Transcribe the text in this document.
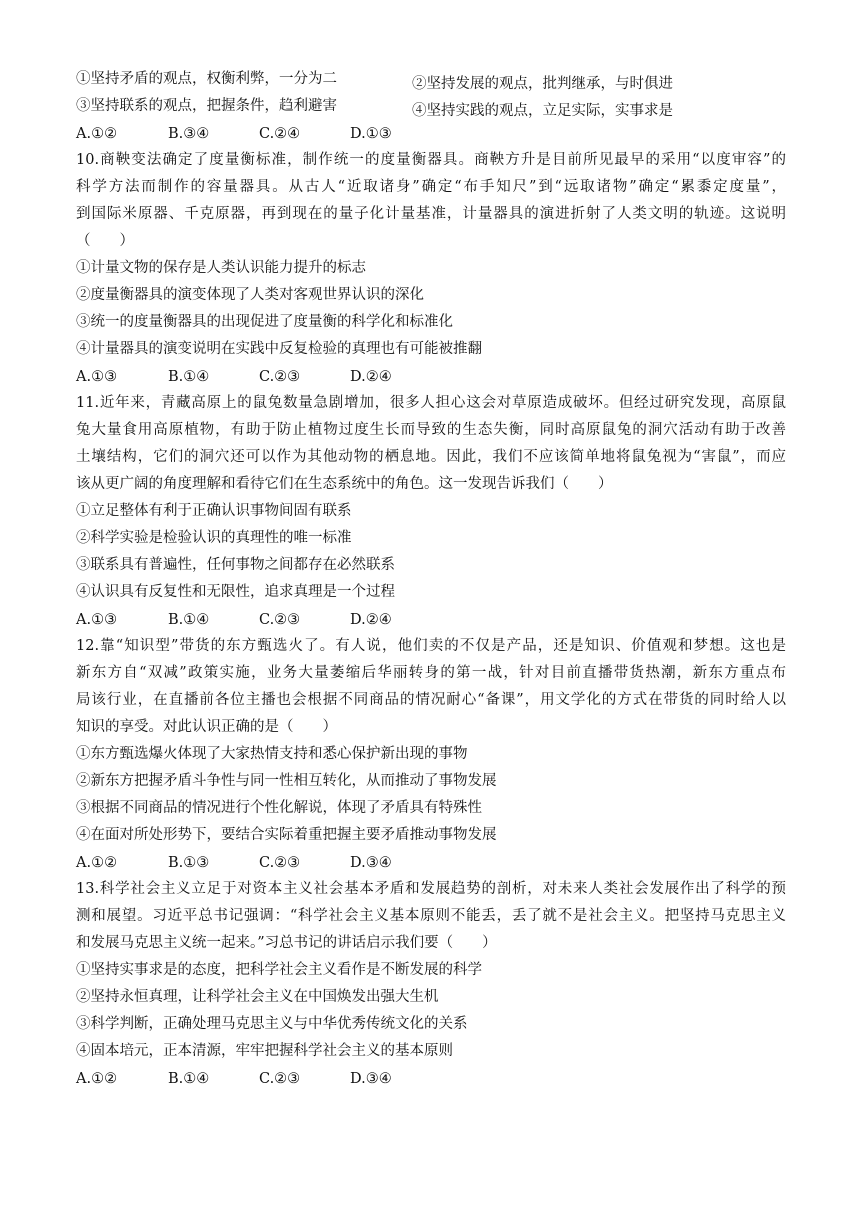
①坚持矛盾的观点，权衡利弊，一分为二	②坚持发展的观点，批判继承，与时俱进
③坚持联系的观点，把握条件，趋利避害	④坚持实践的观点，立足实际，实事求是
A.①②	B.③④	C.②④	D.①③
10.商鞅变法确定了度量衡标准，制作统一的度量衡器具。商鞅方升是目前所见最早的采用“以度审容”的
科学方法而制作的容量器具。从古人“近取诸身”确定“布手知尺”到“远取诸物”确定“累黍定度量”，
到国际米原器、千克原器，再到现在的量子化计量基准，计量器具的演进折射了人类文明的轨迹。这说明
（　　）
①计量文物的保存是人类认识能力提升的标志
②度量衡器具的演变体现了人类对客观世界认识的深化
③统一的度量衡器具的出现促进了度量衡的科学化和标准化
④计量器具的演变说明在实践中反复检验的真理也有可能被推翻
A.①③	B.①④	C.②③	D.②④
11.近年来，青藏高原上的鼠兔数量急剧增加，很多人担心这会对草原造成破坏。但经过研究发现，高原鼠
兔大量食用高原植物，有助于防止植物过度生长而导致的生态失衡，同时高原鼠兔的洞穴活动有助于改善
土壤结构，它们的洞穴还可以作为其他动物的栖息地。因此，我们不应该简单地将鼠兔视为“害鼠”，而应
该从更广阔的角度理解和看待它们在生态系统中的角色。这一发现告诉我们（　　）
①立足整体有利于正确认识事物间固有联系
②科学实验是检验认识的真理性的唯一标准
③联系具有普遍性，任何事物之间都存在必然联系
④认识具有反复性和无限性，追求真理是一个过程
A.①③	B.①④	C.②③	D.②④
12.靠“知识型”带货的东方甄选火了。有人说，他们卖的不仅是产品，还是知识、价值观和梦想。这也是
新东方自“双减”政策实施，业务大量萎缩后华丽转身的第一战，针对目前直播带货热潮，新东方重点布
局该行业，在直播前各位主播也会根据不同商品的情况耐心“备课”，用文学化的方式在带货的同时给人以
知识的享受。对此认识正确的是（　　）
①东方甄选爆火体现了大家热情支持和悉心保护新出现的事物
②新东方把握矛盾斗争性与同一性相互转化，从而推动了事物发展
③根据不同商品的情况进行个性化解说，体现了矛盾具有特殊性
④在面对所处形势下，要结合实际着重把握主要矛盾推动事物发展
A.①②	B.①③	C.②③	D.③④
13.科学社会主义立足于对资本主义社会基本矛盾和发展趋势的剖析，对未来人类社会发展作出了科学的预
测和展望。习近平总书记强调：“科学社会主义基本原则不能丢，丢了就不是社会主义。把坚持马克思主义
和发展马克思主义统一起来。”习总书记的讲话启示我们要（　　）
①坚持实事求是的态度，把科学社会主义看作是不断发展的科学
②坚持永恒真理，让科学社会主义在中国焕发出强大生机
③科学判断，正确处理马克思主义与中华优秀传统文化的关系
④固本培元，正本清源，牢牢把握科学社会主义的基本原则
A.①②	B.①④	C.②③	D.③④
